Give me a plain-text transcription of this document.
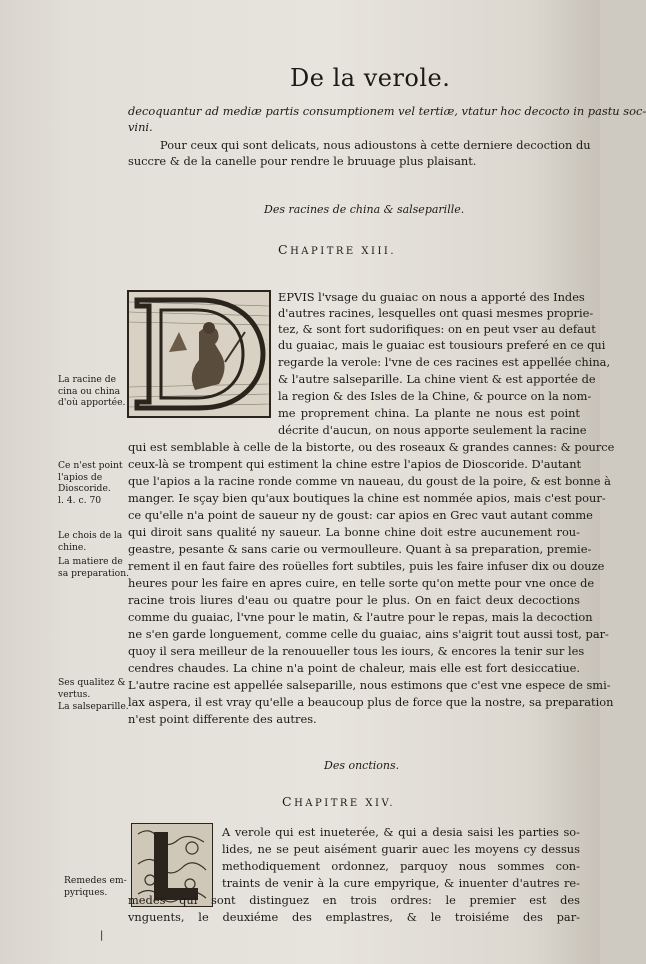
De la verole.
decoquantur ad mediæ partis consumptionem vel tertiæ, vtatur hoc decocto in pastu soc-
vini.
Pour ceux qui sont delicats, nous adioustons à cette derniere decoction du
succre & de la canelle pour rendre le bruuage plus plaisant.
Des racines de china & salseparille.
CHAPITRE XIII.
EPVIS l'vsage du guaiac on nous a apporté des Indes
d'autres racines, lesquelles ont quasi mesmes proprie-
tez, & sont fort sudorifiques: on en peut vser au defaut
du guaiac, mais le guaiac est tousiours preferé en ce qui
regarde la verole: l'vne de ces racines est appellée china,
& l'autre salseparille. La chine vient & est apportée de
la region & des Isles de la Chine, & pource on la nom-
me proprement china. La plante ne nous est point
décrite d'aucun, on nous apporte seulement la racine
qui est semblable à celle de la bistorte, ou des roseaux & grandes cannes: & pource
ceux-là se trompent qui estiment la chine estre l'apios de Dioscoride. D'autant
que l'apios a la racine ronde comme vn naueau, du goust de la poire, & est bonne à
manger. Ie sçay bien qu'aux boutiques la chine est nommée apios, mais c'est pour-
ce qu'elle n'a point de saueur ny de goust: car apios en Grec vaut autant comme
qui diroit sans qualité ny saueur. La bonne chine doit estre aucunement rou-
geastre, pesante & sans carie ou vermoulleure. Quant à sa preparation, premie-
rement il en faut faire des roüelles fort subtiles, puis les faire infuser dix ou douze
heures pour les faire en apres cuire, en telle sorte qu'on mette pour vne once de
racine trois liures d'eau ou quatre pour le plus. On en faict deux decoctions
comme du guaiac, l'vne pour le matin, & l'autre pour le repas, mais la decoction
ne s'en garde longuement, comme celle du guaiac, ains s'aigrit tout aussi tost, par-
quoy il sera meilleur de la renouueller tous les iours, & encores la tenir sur les
cendres chaudes. La chine n'a point de chaleur, mais elle est fort desiccatiue.
L'autre racine est appellée salseparille, nous estimons que c'est vne espece de smi-
lax aspera, il est vray qu'elle a beaucoup plus de force que la nostre, sa preparation
n'est point differente des autres.
La racine de
cina ou china
d'où apportée.
Ce n'est point
l'apios de
Dioscoride.
l. 4. c. 70
Le chois de la
chine.
La matiere de
sa preparation.
Ses qualitez &
vertus.
La salseparille.
Des onctions.
CHAPITRE XIV.
A verole qui est inueterée, & qui a desia saisi les parties so-
lides, ne se peut aisément guarir auec les moyens cy dessus
methodiquement ordonnez, parquoy nous sommes con-
traints de venir à la cure empyrique, & inuenter d'autres re-
medes qui sont distinguez en trois ordres: le premier est des
vnguents, le deuxiéme des emplastres, & le troisiéme des par-
Remedes em-
pyriques.
|
